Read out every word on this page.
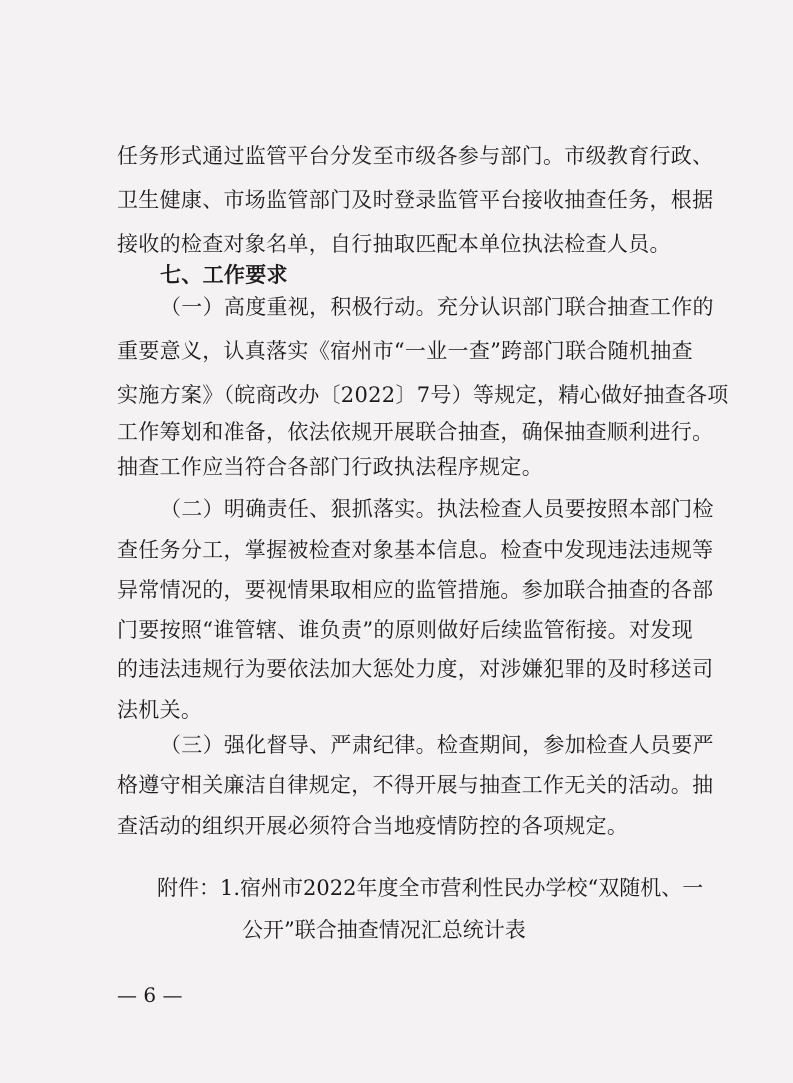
任务形式通过监管平台分发至市级各参与部门。市级教育行政、
卫生健康、市场监管部门及时登录监管平台接收抽查任务，根据
接收的检查对象名单，自行抽取匹配本单位执法检查人员。
七、工作要求
（一）高度重视，积极行动。充分认识部门联合抽查工作的
重要意义，认真落实《宿州市“一业一查”跨部门联合随机抽查
实施方案》（皖商改办〔2022〕7号）等规定，精心做好抽查各项
工作筹划和准备，依法依规开展联合抽查，确保抽查顺利进行。
抽查工作应当符合各部门行政执法程序规定。
（二）明确责任、狠抓落实。执法检查人员要按照本部门检
查任务分工，掌握被检查对象基本信息。检查中发现违法违规等
异常情况的，要视情果取相应的监管措施。参加联合抽查的各部
门要按照“谁管辖、谁负责”的原则做好后续监管衔接。对发现
的违法违规行为要依法加大惩处力度，对涉嫌犯罪的及时移送司
法机关。
（三）强化督导、严肃纪律。检查期间，参加检查人员要严
格遵守相关廉洁自律规定，不得开展与抽查工作无关的活动。抽
查活动的组织开展必须符合当地疫情防控的各项规定。
附件：1.宿州市2022年度全市营利性民办学校“双随机、一
公开”联合抽查情况汇总统计表
— 6 —
